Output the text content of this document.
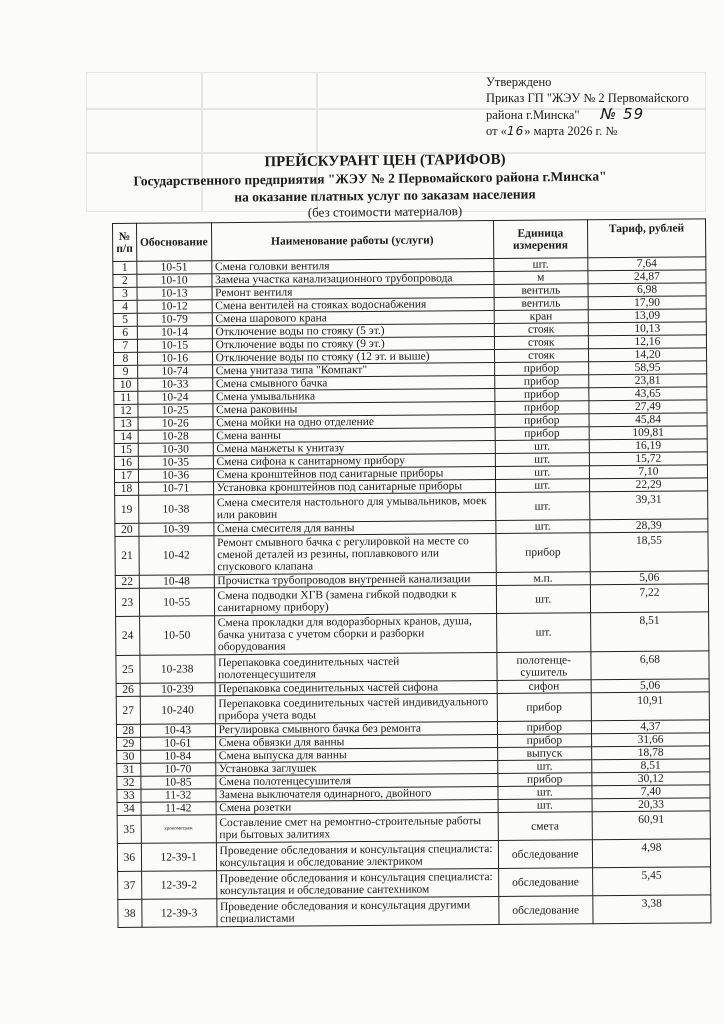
Утверждено
Приказ ГП "ЖЭУ № 2 Первомайского
района г.Минска" № 59
от «16» марта 2026 г. №
ПРЕЙСКУРАНТ ЦЕН (ТАРИФОВ)
Государственного предприятия "ЖЭУ № 2 Первомайского района г.Минска"
на оказание платных услуг по заказам населения
(без стоимости материалов)
№ п/п	Обоснование	Наименование работы (услуги)	Единица измерения	Тариф, рублей
1	10-51	Смена головки вентиля	шт.	7,64
2	10-10	Замена участка канализационного трубопровода	м	24,87
3	10-13	Ремонт вентиля	вентиль	6,98
4	10-12	Смена вентилей на стояках водоснабжения	вентиль	17,90
5	10-79	Смена шарового крана	кран	13,09
6	10-14	Отключение воды по стояку (5 эт.)	стояк	10,13
7	10-15	Отключение воды по стояку (9 эт.)	стояк	12,16
8	10-16	Отключение воды по стояку (12 эт. и выше)	стояк	14,20
9	10-74	Смена унитаза типа "Компакт"	прибор	58,95
10	10-33	Смена смывного бачка	прибор	23,81
11	10-24	Смена умывальника	прибор	43,65
12	10-25	Смена раковины	прибор	27,49
13	10-26	Смена мойки на одно отделение	прибор	45,84
14	10-28	Смена ванны	прибор	109,81
15	10-30	Смена манжеты к унитазу	шт.	16,19
16	10-35	Смена сифона к санитарному прибору	шт.	15,72
17	10-36	Смена кронштейнов под санитарные приборы	шт.	7,10
18	10-71	Установка кронштейнов под санитарные приборы	шт.	22,29
19	10-38	Смена смесителя настольного для умывальников, моек или раковин	шт.	39,31
20	10-39	Смена смесителя для ванны	шт.	28,39
21	10-42	Ремонт смывного бачка с регулировкой на месте со сменой деталей из резины, поплавкового или спускового клапана	прибор	18,55
22	10-48	Прочистка трубопроводов внутренней канализации	м.п.	5,06
23	10-55	Смена подводки ХГВ (замена гибкой подводки к санитарному прибору)	шт.	7,22
24	10-50	Смена прокладки для водоразборных кранов, душа, бачка унитаза с учетом сборки и разборки оборудования	шт.	8,51
25	10-238	Перепаковка соединительных частей полотенцесушителя	полотенце-сушитель	6,68
26	10-239	Перепаковка соединительных частей сифона	сифон	5,06
27	10-240	Перепаковка соединительных частей индивидуального прибора учета воды	прибор	10,91
28	10-43	Регулировка смывного бачка без ремонта	прибор	4,37
29	10-61	Смена обвязки для ванны	прибор	31,66
30	10-84	Смена выпуска для ванны	выпуск	18,78
31	10-70	Установка заглушек	шт.	8,51
32	10-85	Смена полотенцесушителя	прибор	30,12
33	11-32	Замена выключателя одинарного, двойного	шт.	7,40
34	11-42	Смена розетки	шт.	20,33
35	хронометраж	Составление смет на ремонтно-строительные работы при бытовых залитиях	смета	60,91
36	12-39-1	Проведение обследования и консультация специалиста: консультация и обследование электриком	обследование	4,98
37	12-39-2	Проведение обследования и консультация специалиста: консультация и обследование сантехником	обследование	5,45
38	12-39-3	Проведение обследования и консультация другими специалистами	обследование	3,38
